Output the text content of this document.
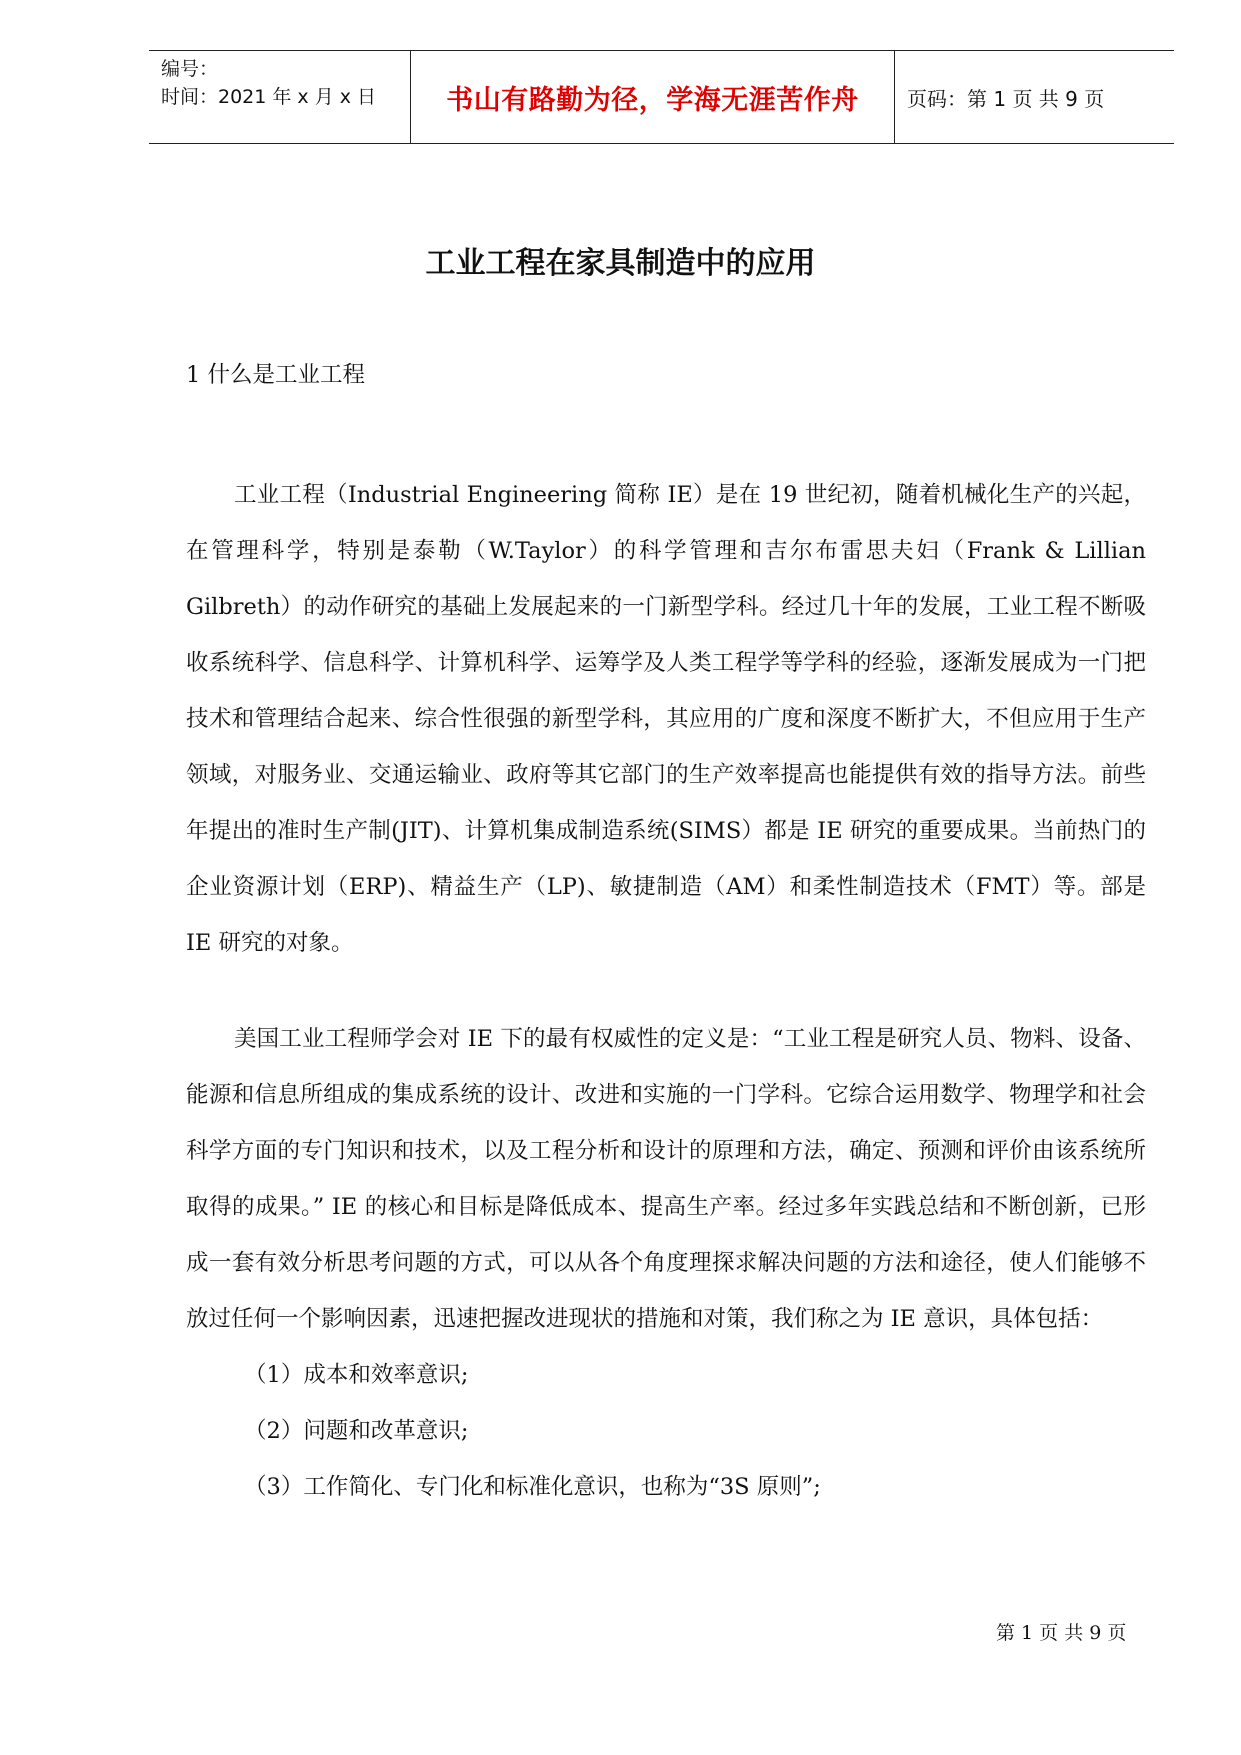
编号：
时间：2021 年 x 月 x 日	书山有路勤为径，学海无涯苦作舟	页码：第 1 页 共 9 页
工业工程在家具制造中的应用

1 什么是工业工程

工业工程（Industrial Engineering 简称 IE）是在 19 世纪初，随着机械化生产的兴起，在管理科学，特别是泰勒（W.Taylor）的科学管理和吉尔布雷思夫妇（Frank & Lillian Gilbreth）的动作研究的基础上发展起来的一门新型学科。经过几十年的发展，工业工程不断吸收系统科学、信息科学、计算机科学、运筹学及人类工程学等学科的经验，逐渐发展成为一门把技术和管理结合起来、综合性很强的新型学科，其应用的广度和深度不断扩大，不但应用于生产领域，对服务业、交通运输业、政府等其它部门的生产效率提高也能提供有效的指导方法。前些年提出的准时生产制(JIT)、计算机集成制造系统(SIMS）都是 IE 研究的重要成果。当前热门的企业资源计划（ERP)、精益生产（LP)、敏捷制造（AM）和柔性制造技术（FMT）等。部是 IE 研究的对象。

美国工业工程师学会对 IE 下的最有权威性的定义是：“工业工程是研究人员、物料、设备、能源和信息所组成的集成系统的设计、改进和实施的一门学科。它综合运用数学、物理学和社会科学方面的专门知识和技术，以及工程分析和设计的原理和方法，确定、预测和评价由该系统所取得的成果。” IE 的核心和目标是降低成本、提高生产率。经过多年实践总结和不断创新，已形成一套有效分析思考问题的方式，可以从各个角度理探求解决问题的方法和途径，使人们能够不放过任何一个影响因素，迅速把握改进现状的措施和对策，我们称之为 IE 意识，具体包括：

（1）成本和效率意识;

（2）问题和改革意识;

（3）工作简化、专门化和标准化意识，也称为“3S 原则”;

第 1 页 共 9 页
